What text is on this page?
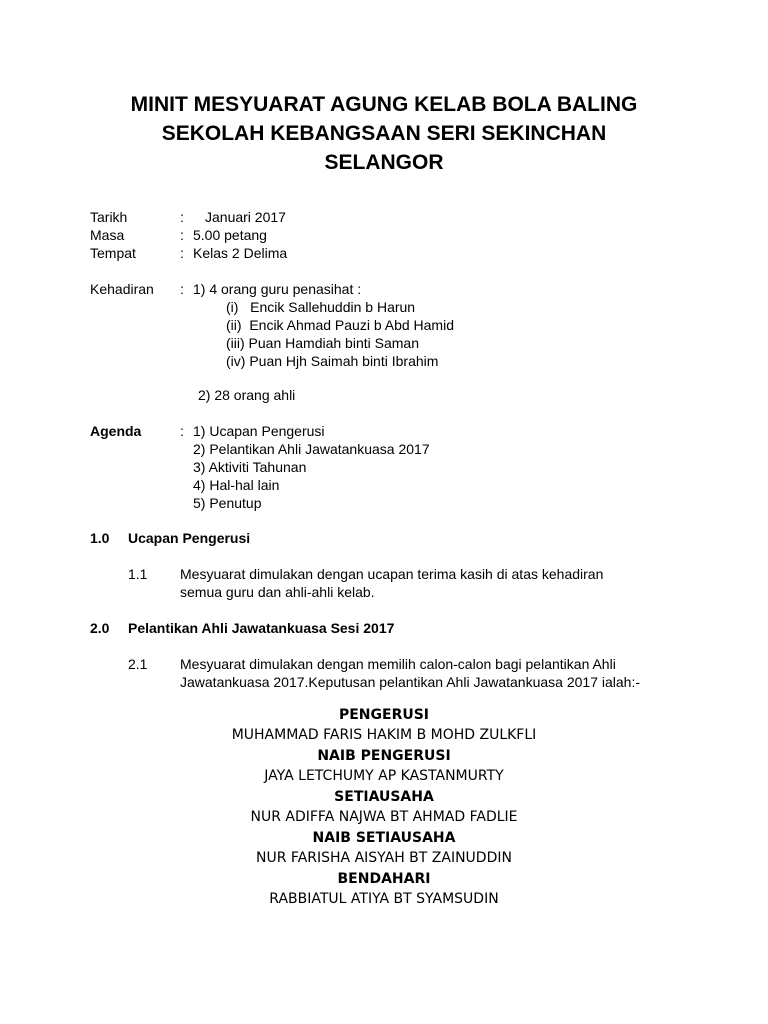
MINIT MESYUARAT AGUNG KELAB BOLA BALING
SEKOLAH KEBANGSAAN SERI SEKINCHAN
SELANGOR
Tarikh	: Januari 2017
Masa	: 5.00 petang
Tempat	: Kelas 2 Delima
Kehadiran : 1) 4 orang guru penasihat :
(i)   Encik Sallehuddin b Harun
(ii)  Encik Ahmad Pauzi b Abd Hamid
(iii) Puan Hamdiah binti Saman
(iv) Puan Hjh Saimah binti Ibrahim
2) 28 orang ahli
Agenda	: 1) Ucapan Pengerusi
2) Pelantikan Ahli Jawatankuasa 2017
3) Aktiviti Tahunan
4) Hal-hal lain
5) Penutup
1.0 Ucapan Pengerusi
1.1 Mesyuarat dimulakan dengan ucapan terima kasih di atas kehadiran
semua guru dan ahli-ahli kelab.
2.0 Pelantikan Ahli Jawatankuasa Sesi 2017
2.1 Mesyuarat dimulakan dengan memilih calon-calon bagi pelantikan Ahli
Jawatankuasa 2017.Keputusan pelantikan Ahli Jawatankuasa 2017 ialah:-
PENGERUSI
MUHAMMAD FARIS HAKIM B MOHD ZULKFLI
NAIB PENGERUSI
JAYA LETCHUMY AP KASTANMURTY
SETIAUSAHA
NUR ADIFFA NAJWA BT AHMAD FADLIE
NAIB SETIAUSAHA
NUR FARISHA AISYAH BT ZAINUDDIN
BENDAHARI
RABBIATUL ATIYA BT SYAMSUDIN
